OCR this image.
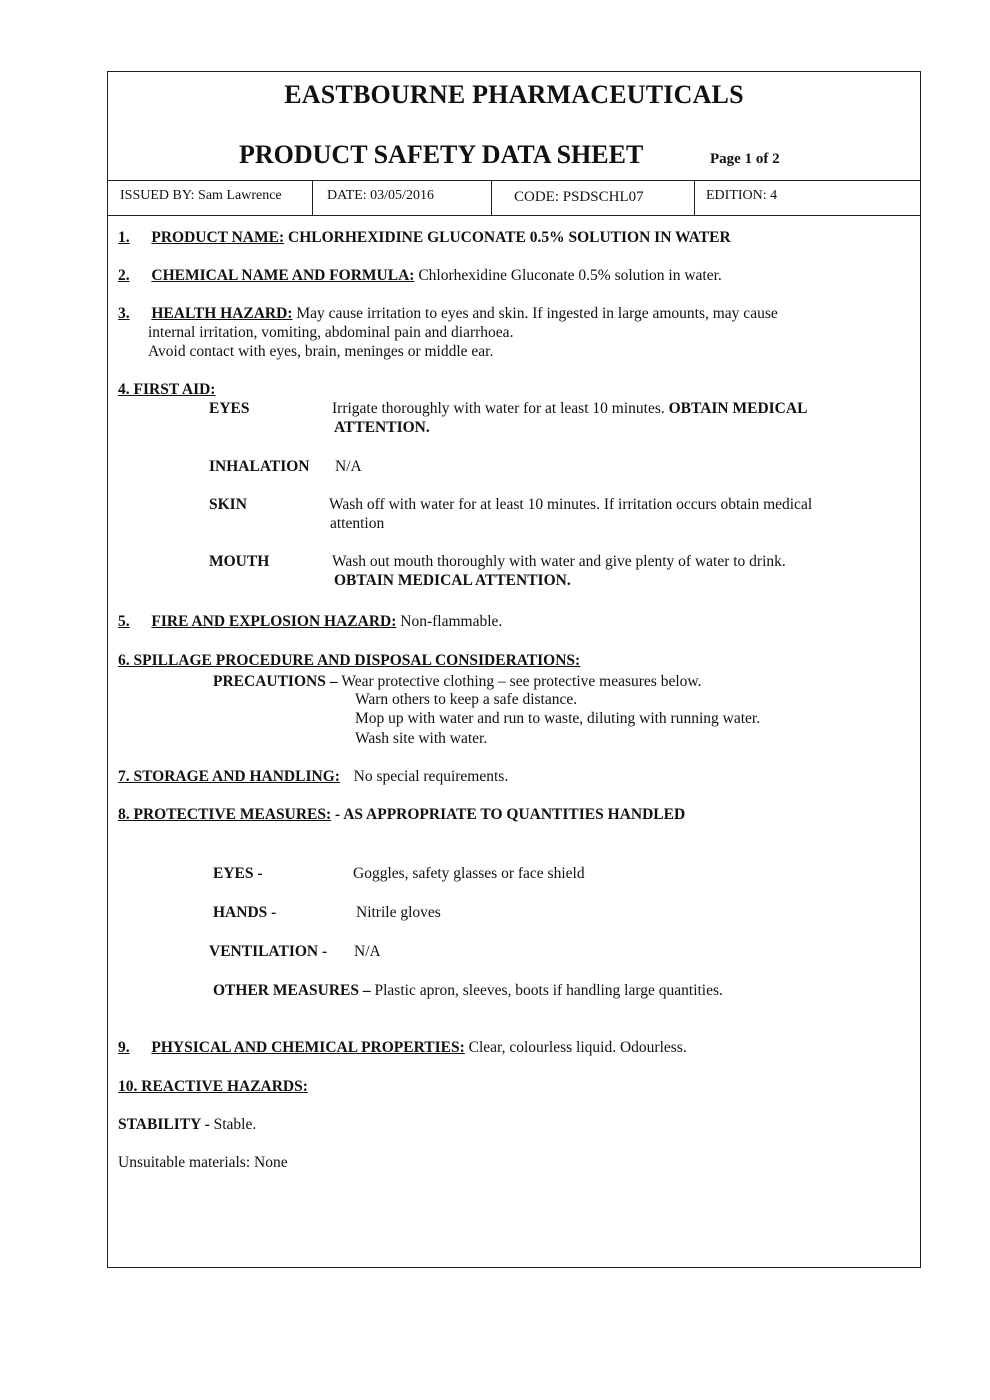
EASTBOURNE PHARMACEUTICALS
PRODUCT SAFETY DATA SHEET	Page 1 of 2
ISSUED BY: Sam Lawrence	DATE: 03/05/2016	CODE: PSDSCHL07	EDITION: 4
1. PRODUCT NAME: CHLORHEXIDINE GLUCONATE 0.5% SOLUTION IN WATER
2. CHEMICAL NAME AND FORMULA: Chlorhexidine Gluconate 0.5% solution in water.
3. HEALTH HAZARD: May cause irritation to eyes and skin. If ingested in large amounts, may cause
internal irritation, vomiting, abdominal pain and diarrhoea.
Avoid contact with eyes, brain, meninges or middle ear.
4. FIRST AID:
EYES	Irrigate thoroughly with water for at least 10 minutes. OBTAIN MEDICAL
ATTENTION.
INHALATION N/A
SKIN	Wash off with water for at least 10 minutes. If irritation occurs obtain medical
attention
MOUTH	Wash out mouth thoroughly with water and give plenty of water to drink.
OBTAIN MEDICAL ATTENTION.
5. FIRE AND EXPLOSION HAZARD: Non-flammable.
6. SPILLAGE PROCEDURE AND DISPOSAL CONSIDERATIONS:
PRECAUTIONS – Wear protective clothing – see protective measures below.
Warn others to keep a safe distance.
Mop up with water and run to waste, diluting with running water.
Wash site with water.
7. STORAGE AND HANDLING: No special requirements.
8. PROTECTIVE MEASURES: - AS APPROPRIATE TO QUANTITIES HANDLED
EYES -	Goggles, safety glasses or face shield
HANDS -	Nitrile gloves
VENTILATION - N/A
OTHER MEASURES – Plastic apron, sleeves, boots if handling large quantities.
9. PHYSICAL AND CHEMICAL PROPERTIES: Clear, colourless liquid. Odourless.
10. REACTIVE HAZARDS:
STABILITY - Stable.
Unsuitable materials: None
